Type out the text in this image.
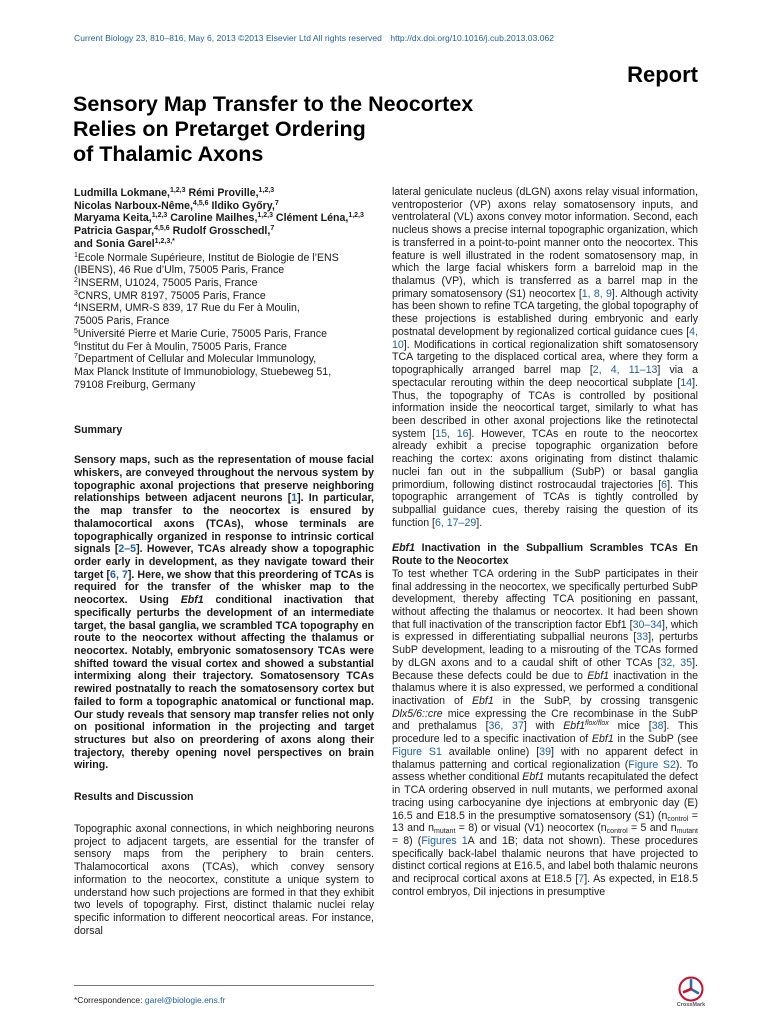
Current Biology 23, 810–816, May 6, 2013 ©2013 Elsevier Ltd All rights reserved http://dx.doi.org/10.1016/j.cub.2013.03.062
Report
Sensory Map Transfer to the Neocortex
Relies on Pretarget Ordering
of Thalamic Axons
Ludmilla Lokmane,$^{1,2,3}$ Rémi Proville,$^{1,2,3}$
Nicolas Narboux-Nême,$^{4,5,6}$ Ildiko Győry,$^7$
Maryama Keita,$^{1,2,3}$ Caroline Mailhes,$^{1,2,3}$ Clément Léna,$^{1,2,3}$
Patricia Gaspar,$^{4,5,6}$ Rudolf Grosschedl,$^7$
and Sonia Garel$^{1,2,3,*}$
$^1$Ecole Normale Supérieure, Institut de Biologie de l’ENS
(IBENS), 46 Rue d’Ulm, 75005 Paris, France
$^2$INSERM, U1024, 75005 Paris, France
$^3$CNRS, UMR 8197, 75005 Paris, France
$^4$INSERM, UMR-S 839, 17 Rue du Fer à Moulin,
75005 Paris, France
$^5$Université Pierre et Marie Curie, 75005 Paris, France
$^6$Institut du Fer à Moulin, 75005 Paris, France
$^7$Department of Cellular and Molecular Immunology,
Max Planck Institute of Immunobiology, Stuebeweg 51,
79108 Freiburg, Germany
Summary
Sensory maps, such as the representation of mouse facial whiskers, are conveyed throughout the nervous system by topographic axonal projections that preserve neighboring relationships between adjacent neurons [1]. In particular, the map transfer to the neocortex is ensured by thalamocortical axons (TCAs), whose terminals are topographically organized in response to intrinsic cortical signals [2–5]. However, TCAs already show a topographic order early in development, as they navigate toward their target [6, 7]. Here, we show that this preordering of TCAs is required for the transfer of the whisker map to the neocortex. Using Ebf1 conditional inactivation that specifically perturbs the development of an intermediate target, the basal ganglia, we scrambled TCA topography en route to the neocortex without affecting the thalamus or neocortex. Notably, embryonic somatosensory TCAs were shifted toward the visual cortex and showed a substantial intermixing along their trajectory. Somatosensory TCAs rewired postnatally to reach the somatosensory cortex but failed to form a topographic anatomical or functional map. Our study reveals that sensory map transfer relies not only on positional information in the projecting and target structures but also on preordering of axons along their trajectory, thereby opening novel perspectives on brain wiring.
Results and Discussion
Topographic axonal connections, in which neighboring neurons project to adjacent targets, are essential for the transfer of sensory maps from the periphery to brain centers. Thalamocortical axons (TCAs), which convey sensory information to the neocortex, constitute a unique system to understand how such projections are formed in that they exhibit two levels of topography. First, distinct thalamic nuclei relay specific information to different neocortical areas. For instance, dorsal
lateral geniculate nucleus (dLGN) axons relay visual information, ventroposterior (VP) axons relay somatosensory inputs, and ventrolateral (VL) axons convey motor information. Second, each nucleus shows a precise internal topographic organization, which is transferred in a point-to-point manner onto the neocortex. This feature is well illustrated in the rodent somatosensory map, in which the large facial whiskers form a barreloid map in the thalamus (VP), which is transferred as a barrel map in the primary somatosensory (S1) neocortex [1, 8, 9]. Although activity has been shown to refine TCA targeting, the global topography of these projections is established during embryonic and early postnatal development by regionalized cortical guidance cues [4, 10]. Modifications in cortical regionalization shift somatosensory TCA targeting to the displaced cortical area, where they form a topographically arranged barrel map [2, 4, 11–13] via a spectacular rerouting within the deep neocortical subplate [14]. Thus, the topography of TCAs is controlled by positional information inside the neocortical target, similarly to what has been described in other axonal projections like the retinotectal system [15, 16]. However, TCAs en route to the neocortex already exhibit a precise topographic organization before reaching the cortex: axons originating from distinct thalamic nuclei fan out in the subpallium (SubP) or basal ganglia primordium, following distinct rostrocaudal trajectories [6]. This topographic arrangement of TCAs is tightly controlled by subpallial guidance cues, thereby raising the question of its function [6, 17–29].
Ebf1 Inactivation in the Subpallium Scrambles TCAs En Route to the Neocortex
To test whether TCA ordering in the SubP participates in their final addressing in the neocortex, we specifically perturbed SubP development, thereby affecting TCA positioning en passant, without affecting the thalamus or neocortex. It had been shown that full inactivation of the transcription factor Ebf1 [30–34], which is expressed in differentiating subpallial neurons [33], perturbs SubP development, leading to a misrouting of the TCAs formed by dLGN axons and to a caudal shift of other TCAs [32, 35]. Because these defects could be due to Ebf1 inactivation in the thalamus where it is also expressed, we performed a conditional inactivation of Ebf1 in the SubP, by crossing transgenic Dlx5/6::cre mice expressing the Cre recombinase in the SubP and prethalamus [36, 37] with $Ebf1^{flox/flox}$ mice [38]. This procedure led to a specific inactivation of Ebf1 in the SubP (see Figure S1 available online) [39] with no apparent defect in thalamus patterning and cortical regionalization (Figure S2). To assess whether conditional Ebf1 mutants recapitulated the defect in TCA ordering observed in null mutants, we performed axonal tracing using carbocyanine dye injections at embryonic day (E) 16.5 and E18.5 in the presumptive somatosensory (S1) ($n_{control} = 13$ and $n_{mutant} = 8$) or visual (V1) neocortex ($n_{control} = 5$ and $n_{mutant} = 8$) (Figures 1A and 1B; data not shown). These procedures specifically back-label thalamic neurons that have projected to distinct cortical regions at E16.5, and label both thalamic neurons and reciprocal cortical axons at E18.5 [7]. As expected, in E18.5 control embryos, DiI injections in presumptive
*Correspondence: garel@biologie.ens.fr	CrossMark
